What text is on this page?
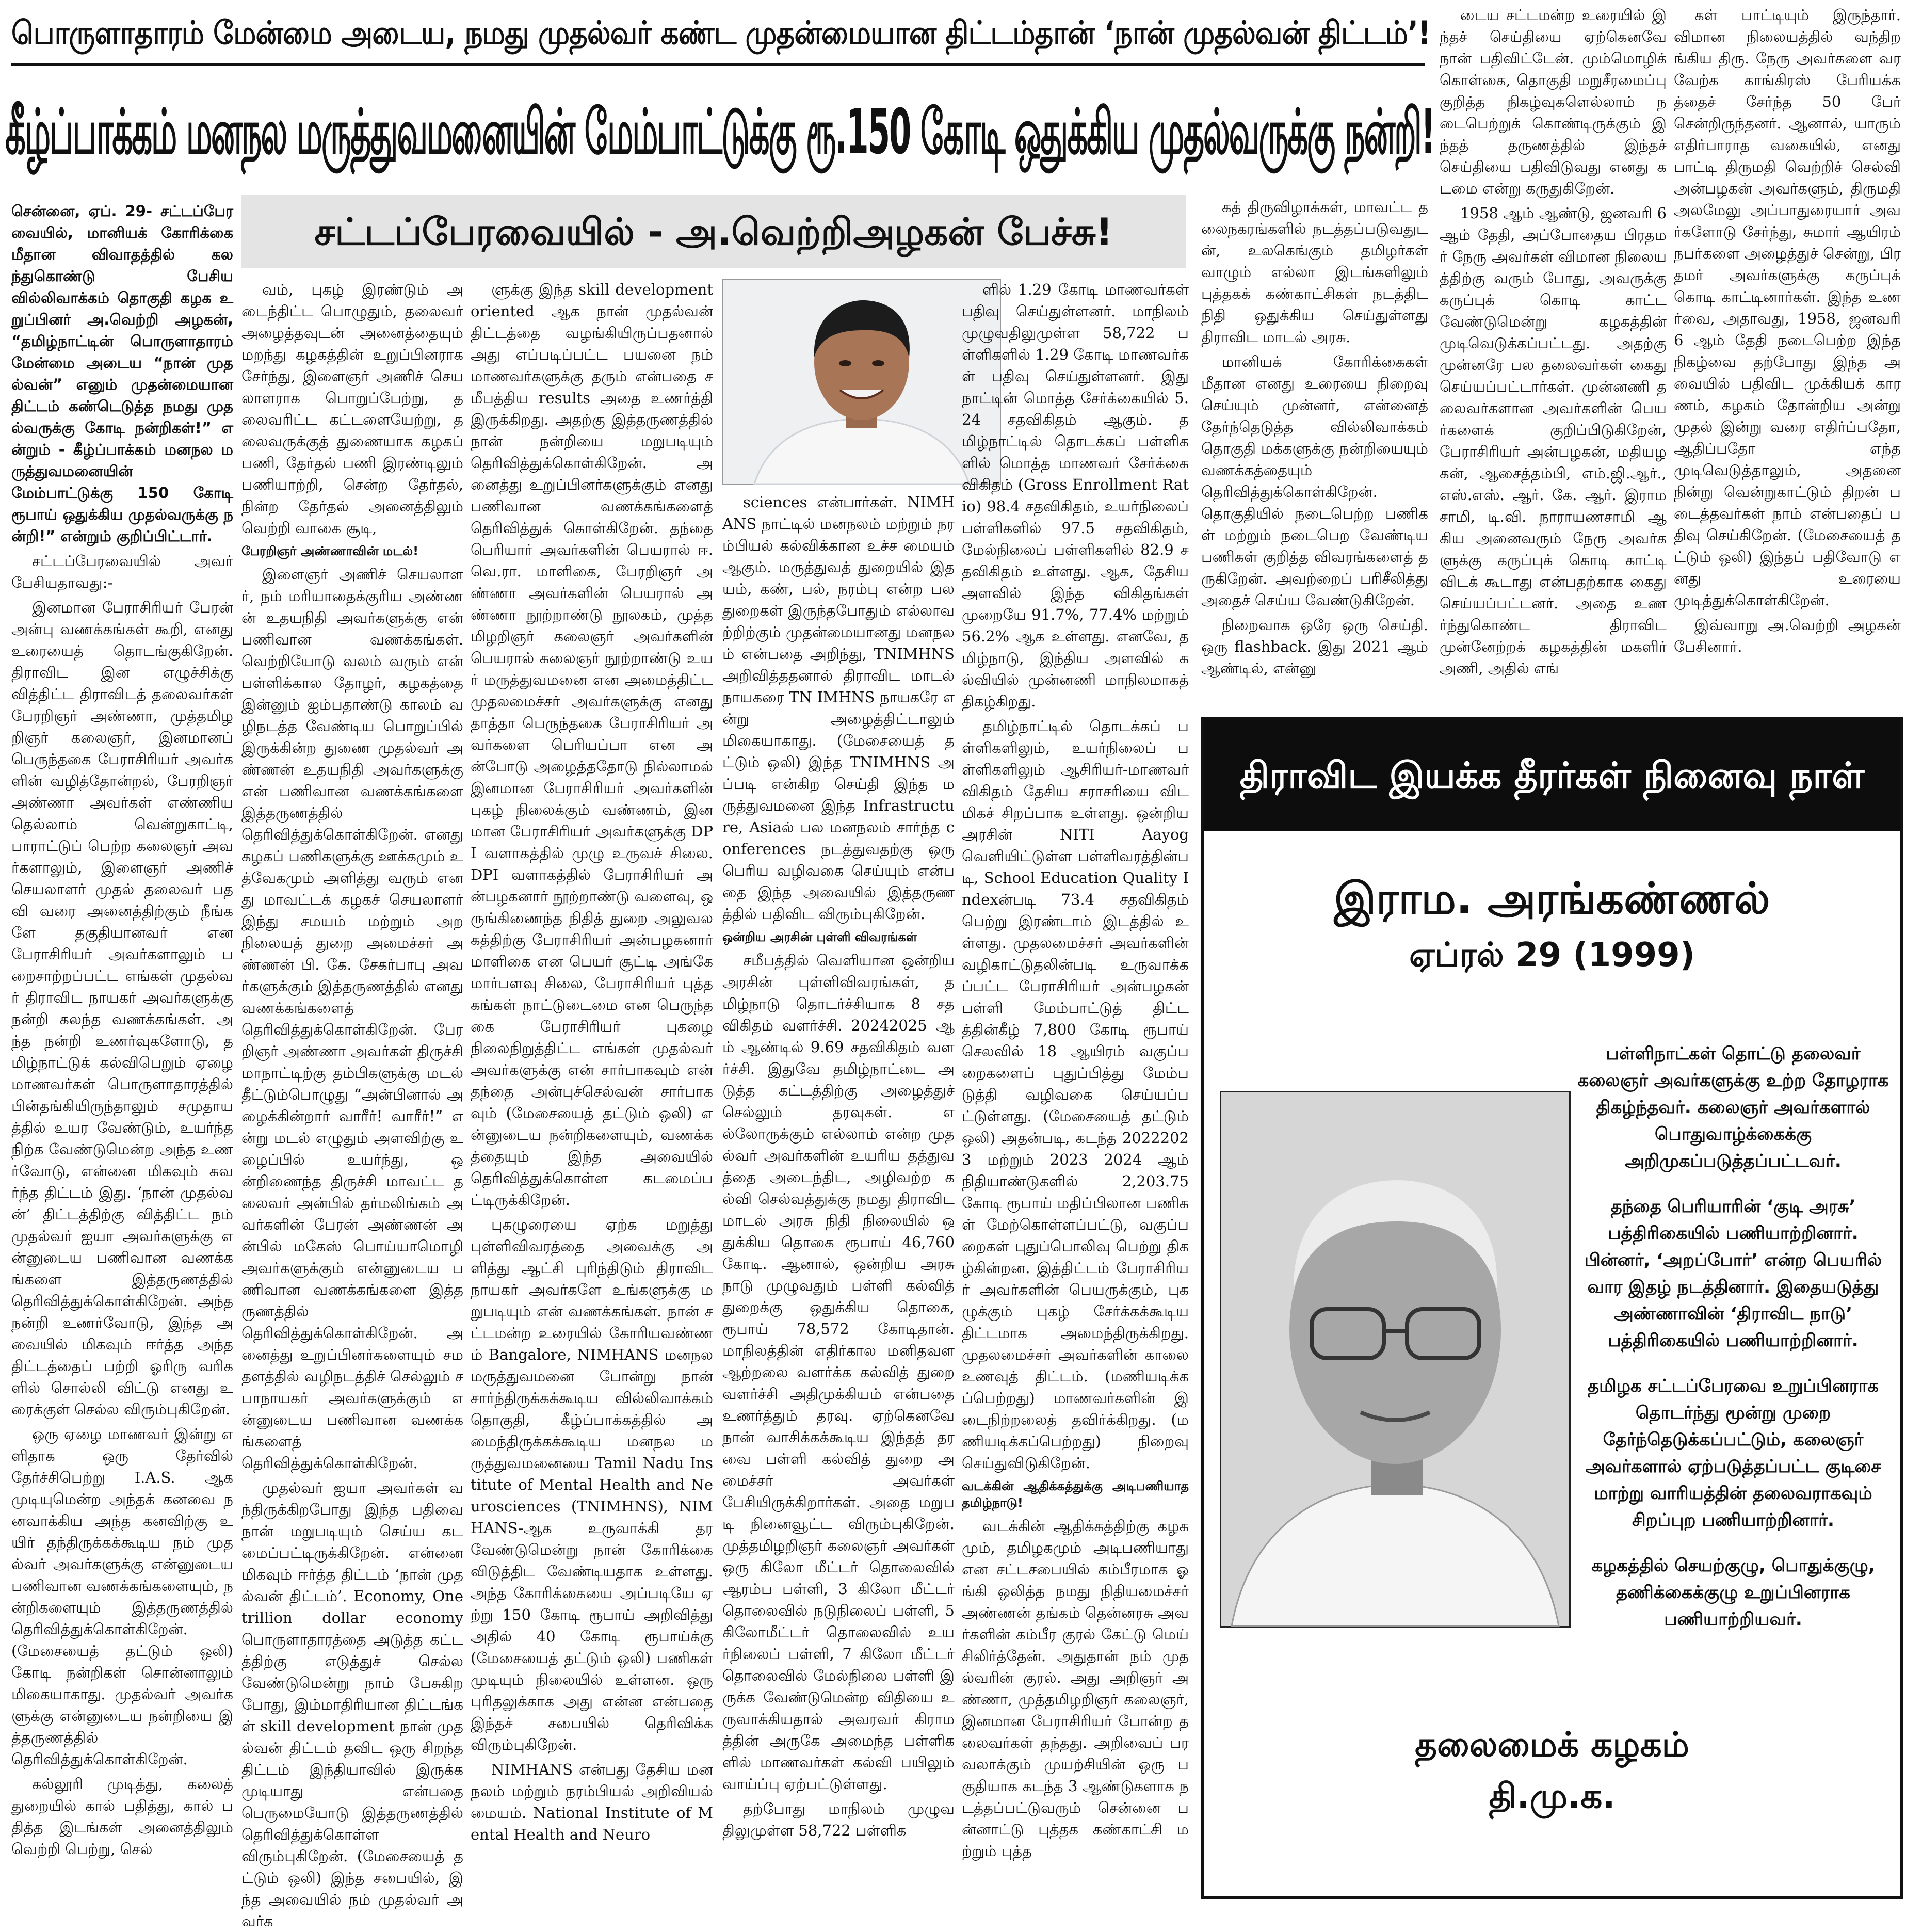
பொருளாதாரம் மேன்மை அடைய, நமது முதல்வர் கண்ட முதன்மையான திட்டம்தான் ‘நான் முதல்வன் திட்டம்’!
கீழ்ப்பாக்கம் மனநல மருத்துவமனையின் மேம்பாட்டுக்கு ரூ.150 கோடி ஒதுக்கிய முதல்வருக்கு நன்றி!
சட்டப்பேரவையில் - அ.வெற்றிஅழகன் பேச்சு!

சென்னை, ஏப். 29- சட்டப்பேரவையில், மானியக் கோரிக்கை மீதான விவாதத்தில் கலந்துகொண்டு பேசிய வில்லிவாக்கம் தொகுதி கழக உறுப்பினர் அ.வெற்றி அழகன், “தமிழ்நாட்டின் பொருளாதாரம் மேன்மை அடைய “நான் முதல்வன்” எனும் முதன்மையான திட்டம் கண்டெடுத்த நமது முதல்வருக்கு கோடி நன்றிகள்!” என்றும் - கீழ்ப்பாக்கம் மனநல மருத்துவமனையின் மேம்பாட்டுக்கு 150 கோடி ரூபாய் ஒதுக்கிய முதல்வருக்கு நன்றி!” என்றும் குறிப்பிட்டார்.

சட்டப்பேரவையில் அவர் பேசியதாவது:-

இனமான பேராசிரியர் பேரன் அன்பு வணக்கங்கள் கூறி, எனது உரையைத் தொடங்குகிறேன். திராவிட இன எழுச்சிக்கு வித்திட்ட திராவிடத் தலைவர்கள் பேரறிஞர் அண்ணா, முத்தமிழறிஞர் கலைஞர், இனமானப் பெருந்தகை பேராசிரியர் அவர்களின் வழித்தோன்றல், பேரறிஞர் அண்ணா அவர்கள் எண்ணியதெல்லாம் வென்றுகாட்டி, பாராட்டுப் பெற்ற கலைஞர் அவர்களாலும், இளைஞர் அணிச் செயலாளர் முதல் தலைவர் பதவி வரை அனைத்திற்கும் நீங்களே தகுதியானவர் என பேராசிரியர் அவர்களாலும் பறைசாற்றப்பட்ட எங்கள் முதல்வர் திராவிட நாயகர் அவர்களுக்கு நன்றி கலந்த வணக்கங்கள். அந்த நன்றி உணர்வுகளோடு, தமிழ்நாட்டுக் கல்விபெறும் ஏழை மாணவர்கள் பொருளாதாரத்தில் பின்தங்கியிருந்தாலும் சமுதாயத்தில் உயர வேண்டும், உயர்ந்த நிற்க வேண்டுமென்ற அந்த உணர்வோடு, என்னை மிகவும் கவர்ந்த திட்டம் இது. ‘நான் முதல்வன்’ திட்டத்திற்கு வித்திட்ட நம் முதல்வர் ஐயா அவர்களுக்கு என்னுடைய பணிவான வணக்கங்களை இத்தருணத்தில் தெரிவித்துக்கொள்கிறேன். அந்த நன்றி உணர்வோடு, இந்த அவையில் மிகவும் ஈர்த்த அந்த திட்டத்தைப் பற்றி ஓரிரு வரிகளில் சொல்லி விட்டு எனது உரைக்குள் செல்ல விரும்புகிறேன்.

ஒரு ஏழை மாணவர் இன்று எளிதாக ஒரு தேர்வில் தேர்ச்சிபெற்று I.A.S. ஆக முடியுமென்ற அந்தக் கனவை நனவாக்கிய அந்த கனவிற்கு உயிர் தந்திருக்கக்கூடிய நம் முதல்வர் அவர்களுக்கு என்னுடைய பணிவான வணக்கங்களையும், நன்றிகளையும் இத்தருணத்தில் தெரிவித்துக்கொள்கிறேன். (மேசையைத் தட்டும் ஒலி) கோடி நன்றிகள் சொன்னாலும் மிகையாகாது. முதல்வர் அவர்களுக்கு என்னுடைய நன்றியை இத்தருணத்தில் தெரிவித்துக்கொள்கிறேன்.

கல்லூரி முடித்து, கலைத் துறையில் கால் பதித்து, கால் பதித்த இடங்கள் அனைத்திலும் வெற்றி பெற்று, செல்

வம், புகழ் இரண்டும் அடைந்திட்ட பொழுதும், தலைவர் அழைத்தவுடன் அனைத்தையும் மறந்து கழகத்தின் உறுப்பினராக சேர்ந்து, இளைஞர் அணிச் செயலாளராக பொறுப்பேற்று, தலைவரிட்ட கட்டளையேற்று, தலைவருக்குத் துணையாக கழகப் பணி, தேர்தல் பணி இரண்டிலும் பணியாற்றி, சென்ற தேர்தல், நின்ற தேர்தல் அனைத்திலும் வெற்றி வாகை சூடி,

பேரறிஞர் அண்ணாவின் மடல்!

இளைஞர் அணிச் செயலாளர், நம் மரியாதைக்குரிய அண்ணன் உதயநிதி அவர்களுக்கு என் பணிவான வணக்கங்கள். வெற்றியோடு வலம் வரும் என் பள்ளிக்கால தோழர், கழகத்தை இன்னும் ஐம்பதாண்டு காலம் வழிநடத்த வேண்டிய பொறுப்பில் இருக்கின்ற துணை முதல்வர் அண்ணன் உதயநிதி அவர்களுக்கு என் பணிவான வணக்கங்களை இத்தருணத்தில் தெரிவித்துக்கொள்கிறேன். எனது கழகப் பணிகளுக்கு ஊக்கமும் உத்வேகமும் அளித்து வரும் எனது மாவட்டக் கழகச் செயலாளர் இந்து சமயம் மற்றும் அறநிலையத் துறை அமைச்சர் அண்ணன் பி. கே. சேகர்பாபு அவர்களுக்கும் இத்தருணத்தில் எனது வணக்கங்களைத் தெரிவித்துக்கொள்கிறேன். பேரறிஞர் அண்ணா அவர்கள் திருச்சி மாநாட்டிற்கு தம்பிகளுக்கு மடல் தீட்டும்பொழுது “அன்பினால் அழைக்கின்றார் வாரீர்! வாரீர்!” என்று மடல் எழுதும் அளவிற்கு உழைப்பில் உயர்ந்து, ஒன்றிணைந்த திருச்சி மாவட்ட தலைவர் அன்பில் தர்மலிங்கம் அவர்களின் பேரன் அண்ணன் அன்பில் மகேஸ் பொய்யாமொழி அவர்களுக்கும் என்னுடைய பணிவான வணக்கங்களை இத்தருணத்தில் தெரிவித்துக்கொள்கிறேன். அனைத்து உறுப்பினர்களையும் சமதளத்தில் வழிநடத்திச் செல்லும் சபாநாயகர் அவர்களுக்கும் என்னுடைய பணிவான வணக்கங்களைத் தெரிவித்துக்கொள்கிறேன்.

முதல்வர் ஐயா அவர்கள் வந்திருக்கிறபோது இந்த பதிவை நான் மறுபடியும் செய்ய கடமைப்பட்டிருக்கிறேன். என்னை மிகவும் ஈர்த்த திட்டம் ‘நான் முதல்வன் திட்டம்’. Economy, One trillion dollar economy பொருளாதாரத்தை அடுத்த கட்டத்திற்கு எடுத்துச் செல்ல வேண்டுமென்று நாம் பேசுகிறபோது, இம்மாதிரியான திட்டங்கள் skill development நான் முதல்வன் திட்டம் தவிட ஒரு சிறந்த திட்டம் இந்தியாவில் இருக்கமுடியாது என்பதை பெருமையோடு இத்தருணத்தில் தெரிவித்துக்கொள்ள விரும்புகிறேன். (மேசையைத் தட்டும் ஒலி) இந்த சபையில், இந்த அவையில் நம் முதல்வர் அவர்க

ளுக்கு இந்த skill development oriented ஆக நான் முதல்வன் திட்டத்தை வழங்கியிருப்பதனால் அது எப்படிப்பட்ட பயனை நம் மாணவர்களுக்கு தரும் என்பதை சமீபத்திய results அதை உணர்த்தி இருக்கிறது. அதற்கு இத்தருணத்தில் நான் நன்றியை மறுபடியும் தெரிவித்துக்கொள்கிறேன். அனைத்து உறுப்பினர்களுக்கும் எனது பணிவான வணக்கங்களைத் தெரிவித்துக் கொள்கிறேன். தந்தை பெரியார் அவர்களின் பெயரால் ஈ.வெ.ரா. மாளிகை, பேரறிஞர் அண்ணா அவர்களின் பெயரால் அண்ணா நூற்றாண்டு நூலகம், முத்தமிழறிஞர் கலைஞர் அவர்களின் பெயரால் கலைஞர் நூற்றாண்டு உயர் மருத்துவமனை என அமைத்திட்ட முதலமைச்சர் அவர்களுக்கு எனது தாத்தா பெருந்தகை பேராசிரியர் அவர்களை பெரியப்பா என அன்போடு அழைத்ததோடு நில்லாமல் இனமான பேராசிரியர் அவர்களின் புகழ் நிலைக்கும் வண்ணம், இனமான பேராசிரியர் அவர்களுக்கு DPI வளாகத்தில் முழு உருவச் சிலை. DPI வளாகத்தில் பேராசிரியர் அன்பழகனார் நூற்றாண்டு வளைவு, ஒருங்கிணைந்த நிதித் துறை அலுவலகத்திற்கு பேராசிரியர் அன்பழகனார் மாளிகை என பெயர் சூட்டி அங்கே மார்பளவு சிலை, பேராசிரியர் புத்தகங்கள் நாட்டுடைமை என பெருந்தகை பேராசிரியர் புகழை நிலைநிறுத்திட்ட எங்கள் முதல்வர் அவர்களுக்கு என் சார்பாகவும் என் தந்தை அன்புச்செல்வன் சார்பாகவும் (மேசையைத் தட்டும் ஒலி) என்னுடைய நன்றிகளையும், வணக்கத்தையும் இந்த அவையில் தெரிவித்துக்கொள்ள கடமைப்பட்டிருக்கிறேன்.

புகழுரையை ஏற்க மறுத்து புள்ளிவிவரத்தை அவைக்கு அளித்து ஆட்சி புரிந்திடும் திராவிட நாயகர் அவர்களே உங்களுக்கு மறுபடியும் என் வணக்கங்கள். நான் சட்டமன்ற உரையில் கோரியவண்ணம் Bangalore, NIMHANS மனநல மருத்துவமனை போன்று நான் சார்ந்திருக்கக்கூடிய வில்லிவாக்கம் தொகுதி, கீழ்ப்பாக்கத்தில் அமைந்திருக்கக்கூடிய மனநல மருத்துவமனையை Tamil Nadu Institute of Mental Health and Neurosciences (TNIMHNS), NIMHANS-ஆக உருவாக்கி தர வேண்டுமென்று நான் கோரிக்கை விடுத்திட வேண்டியதாக உள்ளது. அந்த கோரிக்கையை அப்படியே ஏற்று 150 கோடி ரூபாய் அறிவித்து அதில் 40 கோடி ரூபாய்க்கு (மேசையைத் தட்டும் ஒலி) பணிகள் முடியும் நிலையில் உள்ளன. ஒரு புரிதலுக்காக அது என்ன என்பதை இந்தச் சபையில் தெரிவிக்க விரும்புகிறேன்.

NIMHANS என்பது தேசிய மனநலம் மற்றும் நரம்பியல் அறிவியல் மையம். National Institute of Mental Health and Neuro

sciences என்பார்கள். NIMHANS நாட்டில் மனநலம் மற்றும் நரம்பியல் கல்விக்கான உச்ச மையம் ஆகும். மருத்துவத் துறையில் இதயம், கண், பல், நரம்பு என்ற பல துறைகள் இருந்தபோதும் எல்லாவற்றிற்கும் முதன்மையானது மனநலம் என்பதை அறிந்து, TNIMHNS அறிவித்ததனால் திராவிட மாடல் நாயகரை TN IMHNS நாயகரே என்று அழைத்திட்டாலும் மிகையாகாது. (மேசையைத் தட்டும் ஒலி) இந்த TNIMHNS அப்படி என்கிற செய்தி இந்த மருத்துவமனை இந்த Infrastructure, Asiaல் பல மனநலம் சார்ந்த conferences நடத்துவதற்கு ஒரு பெரிய வழிவகை செய்யும் என்பதை இந்த அவையில் இத்தருணத்தில் பதிவிட விரும்புகிறேன்.

ஒன்றிய அரசின் புள்ளி விவரங்கள்

சமீபத்தில் வெளியான ஒன்றிய அரசின் புள்ளிவிவரங்கள், தமிழ்நாடு தொடர்ச்சியாக 8 சதவிகிதம் வளர்ச்சி. 20242025 ஆம் ஆண்டில் 9.69 சதவிகிதம் வளர்ச்சி. இதுவே தமிழ்நாட்டை அடுத்த கட்டத்திற்கு அழைத்துச் செல்லும் தரவுகள். எல்லோருக்கும் எல்லாம் என்ற முதல்வர் அவர்களின் உயரிய தத்துவத்தை அடைந்திட, அழிவற்ற கல்வி செல்வத்துக்கு நமது திராவிட மாடல் அரசு நிதி நிலையில் ஒதுக்கிய தொகை ரூபாய் 46,760 கோடி. ஆனால், ஒன்றிய அரசு நாடு முழுவதும் பள்ளி கல்வித் துறைக்கு ஒதுக்கிய தொகை, ரூபாய் 78,572 கோடிதான். மாநிலத்தின் எதிர்கால மனிதவள ஆற்றலை வளர்க்க கல்வித் துறை வளர்ச்சி அதிமுக்கியம் என்பதை உணர்த்தும் தரவு. ஏற்கெனவே நான் வாசிக்கக்கூடிய இந்தத் தரவை பள்ளி கல்வித் துறை அமைச்சர் அவர்கள் பேசியிருக்கிறார்கள். அதை மறுபடி நினைவூட்ட விரும்புகிறேன். முத்தமிழறிஞர் கலைஞர் அவர்கள் ஒரு கிலோ மீட்டர் தொலைவில் ஆரம்ப பள்ளி, 3 கிலோ மீட்டர் தொலைவில் நடுநிலைப் பள்ளி, 5 கிலோமீட்டர் தொலைவில் உயர்நிலைப் பள்ளி, 7 கிலோ மீட்டர் தொலைவில் மேல்நிலை பள்ளி இருக்க வேண்டுமென்ற விதியை உருவாக்கியதால் அவரவர் கிராமத்தின் அருகே அமைந்த பள்ளிகளில் மாணவர்கள் கல்வி பயிலும் வாய்ப்பு ஏற்பட்டுள்ளது.

தற்போது மாநிலம் முழுவதிலுமுள்ள 58,722 பள்ளிக

ளில் 1.29 கோடி மாணவர்கள் பதிவு செய்துள்ளனர். மாநிலம் முழுவதிலுமுள்ள 58,722 பள்ளிகளில் 1.29 கோடி மாணவர்கள் பதிவு செய்துள்ளனர். இது நாட்டின் மொத்த சேர்க்கையில் 5.24 சதவிகிதம் ஆகும். தமிழ்நாட்டில் தொடக்கப் பள்ளிகளில் மொத்த மாணவர் சேர்க்கை விகிதம் (Gross Enrollment Ratio) 98.4 சதவிகிதம், உயர்நிலைப் பள்ளிகளில் 97.5 சதவிகிதம், மேல்நிலைப் பள்ளிகளில் 82.9 சதவிகிதம் உள்ளது. ஆக, தேசிய அளவில் இந்த விகிதங்கள் முறையே 91.7%, 77.4% மற்றும் 56.2% ஆக உள்ளது. எனவே, தமிழ்நாடு, இந்திய அளவில் கல்வியில் முன்னணி மாநிலமாகத் திகழ்கிறது.

தமிழ்நாட்டில் தொடக்கப் பள்ளிகளிலும், உயர்நிலைப் பள்ளிகளிலும் ஆசிரியர்-மாணவர் விகிதம் தேசிய சராசரியை விட மிகச் சிறப்பாக உள்ளது. ஒன்றிய அரசின் NITI Aayog வெளியிட்டுள்ள பள்ளிவரத்தின்படி, School Education Quality Indexன்படி 73.4 சதவிகிதம் பெற்று இரண்டாம் இடத்தில் உள்ளது. முதலமைச்சர் அவர்களின் வழிகாட்டுதலின்படி உருவாக்கப்பட்ட பேராசிரியர் அன்பழகன் பள்ளி மேம்பாட்டுத் திட்டத்தின்கீழ் 7,800 கோடி ரூபாய் செலவில் 18 ஆயிரம் வகுப்பறைகளைப் புதுப்பித்து மேம்படுத்தி வழிவகை செய்யப்பட்டுள்ளது. (மேசையைத் தட்டும் ஒலி) அதன்படி, கடந்த 20222023 மற்றும் 2023 2024 ஆம் நிதியாண்டுகளில் 2,203.75 கோடி ரூபாய் மதிப்பிலான பணிகள் மேற்கொள்ளப்பட்டு, வகுப்பறைகள் புதுப்பொலிவு பெற்று திகழ்கின்றன. இத்திட்டம் பேராசிரியர் அவர்களின் பெயருக்கும், புகழுக்கும் புகழ் சேர்க்கக்கூடிய திட்டமாக அமைந்திருக்கிறது. முதலமைச்சர் அவர்களின் காலை உணவுத் திட்டம். (மணியடிக்கப்பெற்றது) மாணவர்களின் இடைநிற்றலைத் தவிர்க்கிறது. (மணியடிக்கப்பெற்றது) நிறைவு செய்துவிடுகிறேன்.

வடக்கின் ஆதிக்கத்துக்கு அடிபணியாத தமிழ்நாடு!

வடக்கின் ஆதிக்கத்திற்கு கழகமும், தமிழகமும் அடிபணியாது என சட்டசபையில் கம்பீரமாக ஓங்கி ஒலித்த நமது நிதியமைச்சர் அண்ணன் தங்கம் தென்னரசு அவர்களின் கம்பீர குரல் கேட்டு மெய் சிலிர்த்தேன். அதுதான் நம் முதல்வரின் குரல். அது அறிஞர் அண்ணா, முத்தமிழறிஞர் கலைஞர், இனமான பேராசிரியர் போன்ற தலைவர்கள் தந்தது. அறிவைப் பரவலாக்கும் முயற்சியின் ஒரு பகுதியாக கடந்த 3 ஆண்டுகளாக நடத்தப்பட்டுவரும் சென்னை பன்னாட்டு புத்தக கண்காட்சி மற்றும் புத்த

கத் திருவிழாக்கள், மாவட்ட தலைநகரங்களில் நடத்தப்படுவதுடன், உலகெங்கும் தமிழர்கள் வாழும் எல்லா இடங்களிலும் புத்தகக் கண்காட்சிகள் நடத்திட நிதி ஒதுக்கிய செய்துள்ளது திராவிட மாடல் அரசு.

மானியக் கோரிக்கைகள் மீதான எனது உரையை நிறைவு செய்யும் முன்னர், என்னைத் தேர்ந்தெடுத்த வில்லிவாக்கம் தொகுதி மக்களுக்கு நன்றியையும் வணக்கத்தையும் தெரிவித்துக்கொள்கிறேன். தொகுதியில் நடைபெற்ற பணிகள் மற்றும் நடைபெற வேண்டிய பணிகள் குறித்த விவரங்களைத் தருகிறேன். அவற்றைப் பரிசீலித்து அதைச் செய்ய வேண்டுகிறேன்.

நிறைவாக ஒரே ஒரு செய்தி. ஒரு flashback. இது 2021 ஆம் ஆண்டில், என்னு

டைய சட்டமன்ற உரையில் இந்தச் செய்தியை ஏற்கெனவே நான் பதிவிட்டேன். மும்மொழிக் கொள்கை, தொகுதி மறுசீரமைப்பு குறித்த நிகழ்வுகளெல்லாம் நடைபெற்றுக் கொண்டிருக்கும் இந்தத் தருணத்தில் இந்தச் செய்தியை பதிவிடுவது எனது கடமை என்று கருதுகிறேன்.

1958 ஆம் ஆண்டு, ஜனவரி 6 ஆம் தேதி, அப்போதைய பிரதமர் நேரு அவர்கள் விமான நிலையத்திற்கு வரும் போது, அவருக்கு கருப்புக் கொடி காட்ட வேண்டுமென்று கழகத்தின் முடிவெடுக்கப்பட்டது. அதற்கு முன்னரே பல தலைவர்கள் கைது செய்யப்பட்டார்கள். முன்னணி தலைவர்களான அவர்களின் பெயர்களைக் குறிப்பிடுகிறேன், பேராசிரியர் அன்பழகன், மதியழகன், ஆசைத்தம்பி, எம்.ஜி.ஆர்., எஸ்.எஸ். ஆர். கே. ஆர். இராமசாமி, டி.வி. நாராயணசாமி ஆகிய அனைவரும் நேரு அவர்களுக்கு கருப்புக் கொடி காட்டி விடக் கூடாது என்பதற்காக கைது செய்யப்பட்டனர். அதை உணர்ந்துகொண்ட திராவிட முன்னேற்றக் கழகத்தின் மகளிர் அணி, அதில் எங்

கள் பாட்டியும் இருந்தார். விமான நிலையத்தில் வந்திறங்கிய திரு. நேரு அவர்களை வரவேற்க காங்கிரஸ் பேரியக்கத்தைச் சேர்ந்த 50 பேர் சென்றிருந்தனர். ஆனால், யாரும் எதிர்பாராத வகையில், எனது பாட்டி திருமதி வெற்றிச் செல்வி அன்பழகன் அவர்களும், திருமதி அலமேலு அப்பாதுரையார் அவர்களோடு சேர்ந்து, சுமார் ஆயிரம் நபர்களை அழைத்துச் சென்று, பிரதமர் அவர்களுக்கு கருப்புக் கொடி காட்டினார்கள். இந்த உணர்வை, அதாவது, 1958, ஜனவரி 6 ஆம் தேதி நடைபெற்ற இந்த நிகழ்வை தற்போது இந்த அவையில் பதிவிட முக்கியக் காரணம், கழகம் தோன்றிய அன்று முதல் இன்று வரை எதிர்ப்பதோ, ஆதிப்பதோ எந்த முடிவெடுத்தாலும், அதனை நின்று வென்றுகாட்டும் திறன் படைத்தவர்கள் நாம் என்பதைப் பதிவு செய்கிறேன். (மேசையைத் தட்டும் ஒலி) இந்தப் பதிவோடு எனது உரையை முடித்துக்கொள்கிறேன்.

இவ்வாறு அ.வெற்றி அழகன் பேசினார்.

திராவிட இயக்க தீரர்கள் நினைவு நாள்
இராம. அரங்கண்ணல்
ஏப்ரல் 29 (1999)

பள்ளிநாட்கள் தொட்டு தலைவர் கலைஞர் அவர்களுக்கு உற்ற தோழராக திகழ்ந்தவர். கலைஞர் அவர்களால் பொதுவாழ்க்கைக்கு அறிமுகப்படுத்தப்பட்டவர்.

தந்தை பெரியாரின் ‘குடி அரசு’ பத்திரிகையில் பணியாற்றினார். பின்னர், ‘அறப்போர்’ என்ற பெயரில் வார இதழ் நடத்தினார். இதையடுத்து அண்ணாவின் ‘திராவிட நாடு’ பத்திரிகையில் பணியாற்றினார்.

தமிழக சட்டப்பேரவை உறுப்பினராக தொடர்ந்து மூன்று முறை தேர்ந்தெடுக்கப்பட்டும், கலைஞர் அவர்களால் ஏற்படுத்தப்பட்ட குடிசை மாற்று வாரியத்தின் தலைவராகவும் சிறப்புற பணியாற்றினார்.

கழகத்தில் செயற்குழு, பொதுக்குழு, தணிக்கைக்குழு உறுப்பினராக பணியாற்றியவர்.

தலைமைக் கழகம்
தி.மு.க.
